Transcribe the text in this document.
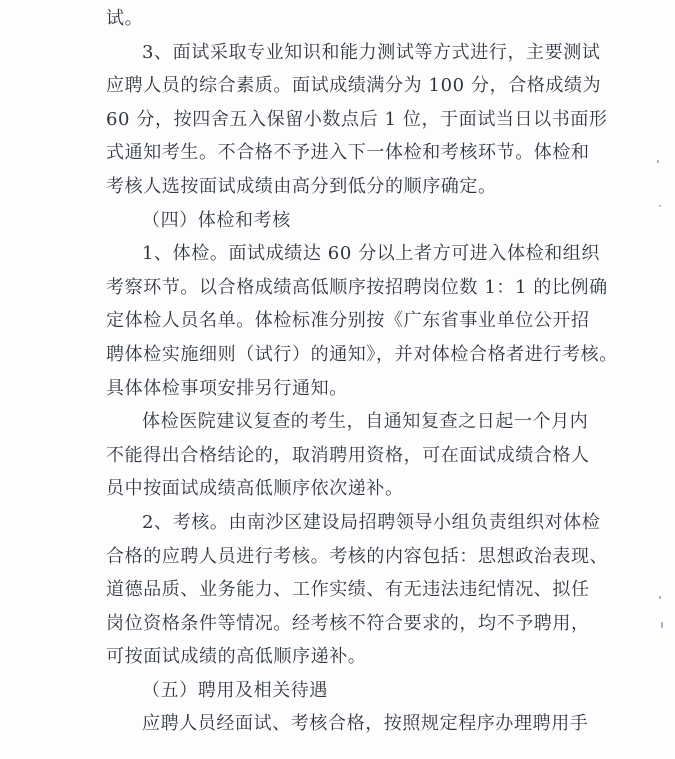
试。
3、面试采取专业知识和能力测试等方式进行，主要测试
应聘人员的综合素质。面试成绩满分为 100 分，合格成绩为
60 分，按四舍五入保留小数点后 1 位，于面试当日以书面形
式通知考生。不合格不予进入下一体检和考核环节。体检和
考核人选按面试成绩由高分到低分的顺序确定。
（四）体检和考核
1、体检。面试成绩达 60 分以上者方可进入体检和组织
考察环节。以合格成绩高低顺序按招聘岗位数 1：1 的比例确
定体检人员名单。体检标准分别按《广东省事业单位公开招
聘体检实施细则（试行）的通知》，并对体检合格者进行考核。
具体体检事项安排另行通知。
体检医院建议复查的考生，自通知复查之日起一个月内
不能得出合格结论的，取消聘用资格，可在面试成绩合格人
员中按面试成绩高低顺序依次递补。
2、考核。由南沙区建设局招聘领导小组负责组织对体检
合格的应聘人员进行考核。考核的内容包括：思想政治表现、
道德品质、业务能力、工作实绩、有无违法违纪情况、拟任
岗位资格条件等情况。经考核不符合要求的，均不予聘用，
可按面试成绩的高低顺序递补。
（五）聘用及相关待遇
应聘人员经面试、考核合格，按照规定程序办理聘用手
